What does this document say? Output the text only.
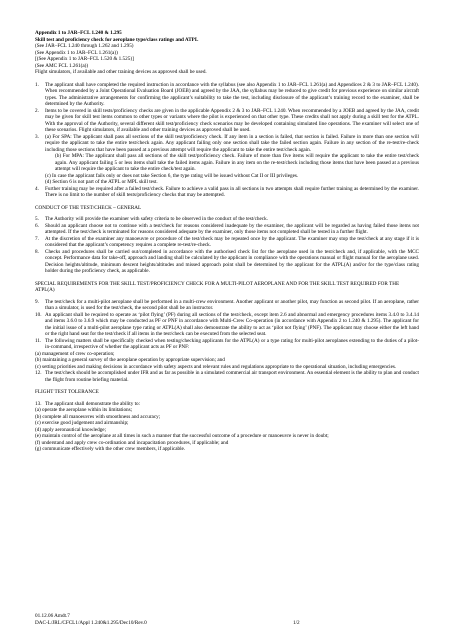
Appendix 1 to JAR–FCL 1.240 & 1.295

Skill test and proficiency check for aeroplane type/class ratings and ATPL

(See JAR–FCL 1.240 through 1.262 and 1.295)

(See Appendix 1 to JAR–FCL 1.261(a))

[(See Appendix 1 to JAR–FCL 1.520 & 1.525)]

(See AMC FCL 1.261(a))

Flight simulators, if available and other training devices as approved shall be used.

1. The applicant shall have completed the required instruction in accordance with the syllabus (see also Appendix 1 to JAR–FCL 1.261(a) and Appendices 2 & 3 to JAR–FCL 1.240). When recommended by a Joint Operational Evaluation Board (JOEB) and agreed by the JAA, the syllabus may be reduced to give credit for previous experience on similar aircraft types. The administrative arrangements for confirming the applicant’s suitability to take the test, including disclosure of the applicant’s training record to the examiner, shall be determined by the Authority.
2. Items to be covered in skill tests/proficiency checks are given in the applicable Appendix 2 & 3 to JAR–FCL 1.240. When recommended by a JOEB and agreed by the JAA, credit may be given for skill test items common to other types or variants where the pilot is experienced on that other type. These credits shall not apply during a skill test for the ATPL. With the approval of the Authority, several different skill test/proficiency check scenarios may be developed containing simulated line operations. The examiner will select one of these scenarios. Flight simulators, if available and other training devices as approved shall be used.
3. (a) For SPA: The applicant shall pass all sections of the skill test/proficiency check. If any item in a section is failed, that section is failed. Failure in more than one section will require the applicant to take the entire test/check again. Any applicant failing only one section shall take the failed section again. Failure in any section of the re-test/re-check including those sections that have been passed at a previous attempt will require the applicant to take the entire test/check again.
(b) For MPA: The applicant shall pass all sections of the skill test/proficiency check. Failure of more than five items will require the applicant to take the entire test/check again. Any applicant failing 5 or less items shall take the failed items again. Failure in any item on the re-test/check including those items that have been passed at a previous attempt will require the applicant to take the entire check/test again.
(c) In case the applicant fails only or does not take Section 6, the type rating will be issued without Cat II or III privileges.
(d) Section 6 is not part of the ATPL or MPL skill test.
4. Further training may be required after a failed test/check. Failure to achieve a valid pass in all sections in two attempts shall require further training as determined by the examiner. There is no limit to the number of skill tests/proficiency checks that may be attempted.

CONDUCT OF THE TEST/CHECK – GENERAL

5. The Authority will provide the examiner with safety criteria to be observed in the conduct of the test/check.
6. Should an applicant choose not to continue with a test/check for reasons considered inadequate by the examiner, the applicant will be regarded as having failed those items not attempted. If the test/check is terminated for reasons considered adequate by the examiner, only those items not completed shall be tested in a further flight.
7. At the discretion of the examiner any manoeuvre or procedure of the test/check may be repeated once by the applicant. The examiner may stop the test/check at any stage if it is considered that the applicant’s competency requires a complete re-test/re-check.
8. Checks and procedures shall be carried out/completed in accordance with the authorised check list for the aeroplane used in the test/check and, if applicable, with the MCC concept. Performance data for take-off, approach and landing shall be calculated by the applicant in compliance with the operations manual or flight manual for the aeroplane used. Decision heights/altitude, minimum descent heights/altitudes and missed approach point shall be determined by the applicant for the ATPL(A) and/or for the type/class rating holder during the proficiency check, as applicable.

SPECIAL REQUIREMENTS FOR THE SKILL TEST/PROFICIENCY CHECK FOR A MULTI-PILOT AEROPLANE AND FOR THE SKILL TEST REQUIRED FOR THE ATPL(A)

9. The test/check for a multi-pilot aeroplane shall be performed in a multi-crew environment. Another applicant or another pilot, may function as second pilot. If an aeroplane, rather than a simulator, is used for the test/check, the second pilot shall be an instructor.
10. An applicant shall be required to operate as ‘pilot flying’ (PF) during all sections of the test/check, except item 2.6 and abnormal and emergency procedures items 3.4.0 to 3.4.14 and items 3.6.0 to 3.6.9 which may be conducted as PF or PNF in accordance with Multi-Crew Co-operation (in accordance with Appendix 2 to 1.240 & 1.295). The applicant for the initial issue of a multi-pilot aeroplane type rating or ATPL(A) shall also demonstrate the ability to act as ‘pilot not flying’ (PNF). The applicant may choose either the left hand or the right hand seat for the test/check if all items in the test/check can be executed from the selected seat.
11. The following matters shall be specifically checked when testing/checking applicants for the ATPL(A) or a type rating for multi-pilot aeroplanes extending to the duties of a pilot-in-command, irrespective of whether the applicant acts as PF or PNF:

(a) management of crew co-operation;

(b) maintaining a general survey of the aeroplane operation by appropriate supervision; and

(c) setting priorities and making decisions in accordance with safety aspects and relevant rules and regulations appropriate to the operational situation, including emergencies.

12. The test/check should be accomplished under IFR and as far as possible in a simulated commercial air transport environment. An essential element is the ability to plan and conduct the flight from routine briefing material.

FLIGHT TEST TOLERANCE

13. The applicant shall demonstrate the ability to:

(a) operate the aeroplane within its limitations;

(b) complete all manoeuvres with smoothness and accuracy;

(c) exercise good judgement and airmanship;

(d) apply aeronautical knowledge;

(e) maintain control of the aeroplane at all times in such a manner that the successful outcome of a procedure or manoeuvre is never in doubt;

(f) understand and apply crew co-ordination and incapacitation procedures, if applicable; and

(g) communicate effectively with the other crew members, if applicable.

01.12.06 Amdt.7

DAC-L/JRL/CFCL1/Appl 1.240&1.295/Dec10/Rev.0	1/2
